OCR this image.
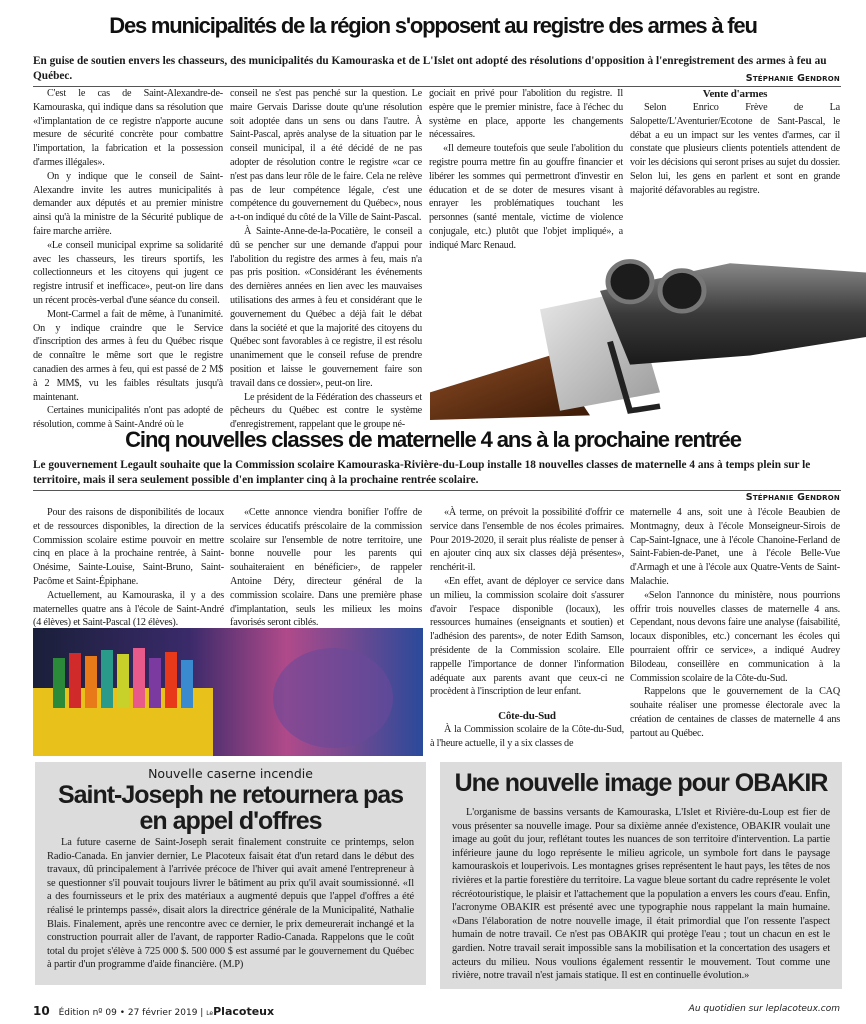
Des municipalités de la région s'opposent au registre des armes à feu
En guise de soutien envers les chasseurs, des municipalités du Kamouraska et de L'Islet ont adopté des résolutions d'opposition à l'enregistrement des armes à feu au Québec.	Stéphanie Gendron

C'est le cas de Saint-Alexandre-de-Kamouraska, qui indique dans sa résolution que «l'implantation de ce registre n'apporte aucune mesure de sécurité concrète pour combattre l'importation, la fabrication et la possession d'armes illégales».

On y indique que le conseil de Saint-Alexandre invite les autres municipalités à demander aux députés et au premier ministre ainsi qu'à la ministre de la Sécurité publique de faire marche arrière.

«Le conseil municipal exprime sa solidarité avec les chasseurs, les tireurs sportifs, les collectionneurs et les citoyens qui jugent ce registre intrusif et inefficace», peut-on lire dans un récent procès-verbal d'une séance du conseil.

Mont-Carmel a fait de même, à l'unanimité. On y indique craindre que le Service d'inscription des armes à feu du Québec risque de connaître le même sort que le registre canadien des armes à feu, qui est passé de 2 M$ à 2 MM$, vu les faibles résultats jusqu'à maintenant.

Certaines municipalités n'ont pas adopté de résolution, comme à Saint-André où le

conseil ne s'est pas penché sur la question. Le maire Gervais Darisse doute qu'une résolution soit adoptée dans un sens ou dans l'autre. À Saint-Pascal, après analyse de la situation par le conseil municipal, il a été décidé de ne pas adopter de résolution contre le registre «car ce n'est pas dans leur rôle de le faire. Cela ne relève pas de leur compétence légale, c'est une compétence du gouvernement du Québec», nous a-t-on indiqué du côté de la Ville de Saint-Pascal.

À Sainte-Anne-de-la-Pocatière, le conseil a dû se pencher sur une demande d'appui pour l'abolition du registre des armes à feu, mais n'a pas pris position. «Considérant les événements des dernières années en lien avec les mauvaises utilisations des armes à feu et considérant que le gouvernement du Québec a déjà fait le débat dans la société et que la majorité des citoyens du Québec sont favorables à ce registre, il est résolu unanimement que le conseil refuse de prendre position et laisse le gouvernement faire son travail dans ce dossier», peut-on lire.

Le président de la Fédération des chasseurs et pêcheurs du Québec est contre le système d'enregistrement, rappelant que le groupe né-

gociait en privé pour l'abolition du registre. Il espère que le premier ministre, face à l'échec du système en place, apporte les changements nécessaires.

«Il demeure toutefois que seule l'abolition du registre pourra mettre fin au gouffre financier et libérer les sommes qui permettront d'investir en éducation et de se doter de mesures visant à enrayer les problématiques touchant les personnes (santé mentale, victime de violence conjugale, etc.) plutôt que l'objet impliqué», a indiqué Marc Renaud.

Vente d'armes

Selon Enrico Frève de La Salopette/L'Aventurier/Ecotone de Sant-Pascal, le débat a eu un impact sur les ventes d'armes, car il constate que plusieurs clients potentiels attendent de voir les décisions qui seront prises au sujet du dossier. Selon lui, les gens en parlent et sont en grande majorité défavorables au registre.

Cinq nouvelles classes de maternelle 4 ans à la prochaine rentrée
Le gouvernement Legault souhaite que la Commission scolaire Kamouraska-Rivière-du-Loup installe 18 nouvelles classes de maternelle 4 ans à temps plein sur le territoire, mais il sera seulement possible d'en implanter cinq à la prochaine rentrée scolaire.
Stéphanie Gendron

Pour des raisons de disponibilités de locaux et de ressources disponibles, la direction de la Commission scolaire estime pouvoir en mettre cinq en place à la prochaine rentrée, à Saint-Onésime, Sainte-Louise, Saint-Bruno, Saint-Pacôme et Saint-Épiphane.

Actuellement, au Kamouraska, il y a des maternelles quatre ans à l'école de Saint-André (4 élèves) et Saint-Pascal (12 élèves).

«Cette annonce viendra bonifier l'offre de services éducatifs préscolaire de la commission scolaire sur l'ensemble de notre territoire, une bonne nouvelle pour les parents qui souhaiteraient en bénéficier», de rappeler Antoine Déry, directeur général de la commission scolaire. Dans une première phase d'implantation, seuls les milieux les moins favorisés seront ciblés.

«À terme, on prévoit la possibilité d'offrir ce service dans l'ensemble de nos écoles primaires. Pour 2019-2020, il serait plus réaliste de penser à en ajouter cinq aux six classes déjà présentes», renchérit-il.

«En effet, avant de déployer ce service dans un milieu, la commission scolaire doit s'assurer d'avoir l'espace disponible (locaux), les ressources humaines (enseignants et soutien) et l'adhésion des parents», de noter Edith Samson, présidente de la Commission scolaire. Elle rappelle l'importance de donner l'information adéquate aux parents avant que ceux-ci ne procèdent à l'inscription de leur enfant.

Côte-du-Sud

À la Commission scolaire de la Côte-du-Sud, à l'heure actuelle, il y a six classes de

maternelle 4 ans, soit une à l'école Beaubien de Montmagny, deux à l'école Monseigneur-Sirois de Cap-Saint-Ignace, une à l'école Chanoine-Ferland de Saint-Fabien-de-Panet, une à l'école Belle-Vue d'Armagh et une à l'école aux Quatre-Vents de Saint-Malachie.

«Selon l'annonce du ministère, nous pourrions offrir trois nouvelles classes de maternelle 4 ans. Cependant, nous devons faire une analyse (faisabilité, locaux disponibles, etc.) concernant les écoles qui pourraient offrir ce service», a indiqué Audrey Bilodeau, conseillère en communication à la Commission scolaire de la Côte-du-Sud.

Rappelons que le gouvernement de la CAQ souhaite réaliser une promesse électorale avec la création de centaines de classes de maternelle 4 ans partout au Québec.

Nouvelle caserne incendie
Saint-Joseph ne retournera pas
en appel d'offres

La future caserne de Saint-Joseph serait finalement construite ce printemps, selon Radio-Canada. En janvier dernier, Le Placoteux faisait état d'un retard dans le début des travaux, dû principalement à l'arrivée précoce de l'hiver qui avait amené l'entrepreneur à se questionner s'il pouvait toujours livrer le bâtiment au prix qu'il avait soumissionné. «Il a des fournisseurs et le prix des matériaux a augmenté depuis que l'appel d'offres a été réalisé le printemps passé», disait alors la directrice générale de la Municipalité, Nathalie Blais. Finalement, après une rencontre avec ce dernier, le prix demeurerait inchangé et la construction pourrait aller de l'avant, de rapporter Radio-Canada. Rappelons que le coût total du projet s'élève à 725 000 $. 500 000 $ est assumé par le gouvernement du Québec à partir d'un programme d'aide financière. (M.P)

Une nouvelle image pour OBAKIR

L'organisme de bassins versants de Kamouraska, L'Islet et Rivière-du-Loup est fier de vous présenter sa nouvelle image. Pour sa dixième année d'existence, OBAKIR voulait une image au goût du jour, reflétant toutes les nuances de son territoire d'intervention. La partie inférieure jaune du logo représente le milieu agricole, un symbole fort dans le paysage kamouraskois et louperivois. Les montagnes grises représentent le haut pays, les têtes de nos rivières et la partie forestière du territoire. La vague bleue sortant du cadre représente le volet récréotouristique, le plaisir et l'attachement que la population a envers les cours d'eau. Enfin, l'acronyme OBAKIR est présenté avec une typographie nous rappelant la main humaine. «Dans l'élaboration de notre nouvelle image, il était primordial que l'on ressente l'aspect humain de notre travail. Ce n'est pas OBAKIR qui protège l'eau ; tout un chacun en est le gardien. Notre travail serait impossible sans la mobilisation et la concertation des usagers et acteurs du milieu. Nous voulions également ressentir le mouvement. Tout comme une rivière, notre travail n'est jamais statique. Il est en continuelle évolution.»

10 Édition nº 09 • 27 février 2019 | LePlacoteux	Au quotidien sur leplacoteux.com
